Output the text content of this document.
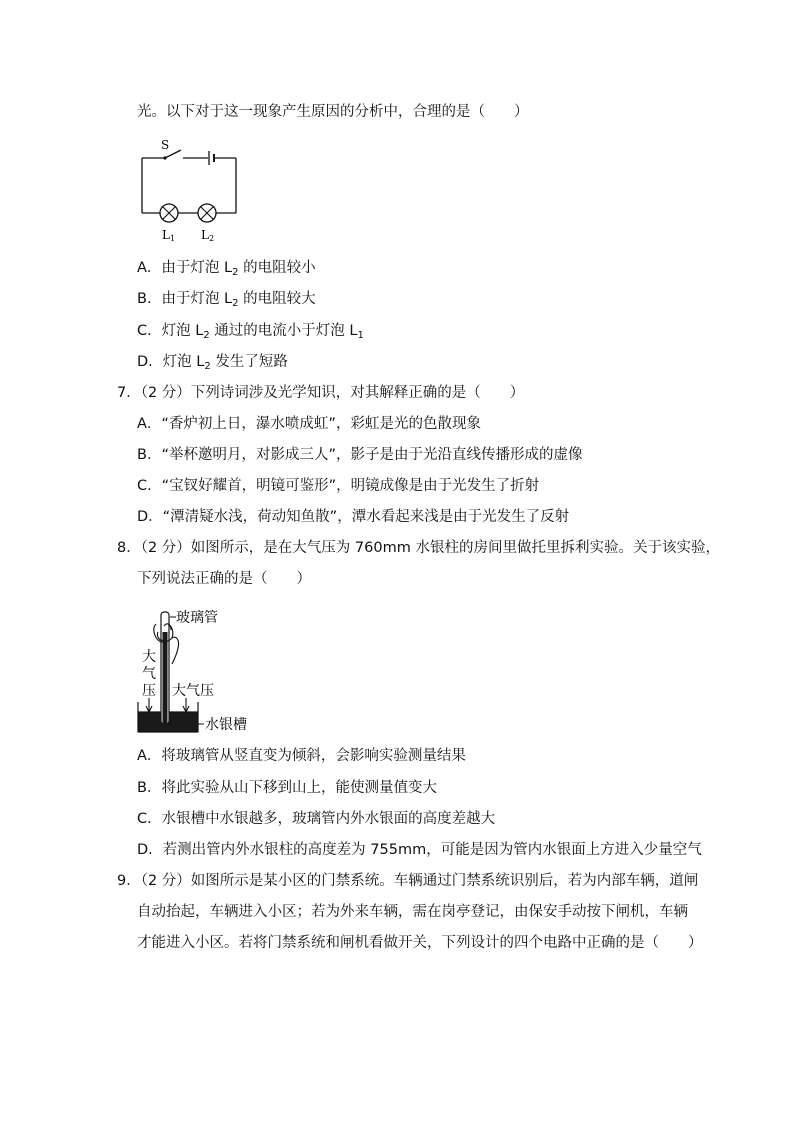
光。以下对于这一现象产生原因的分析中，合理的是（　　）
S
L1 L2
A．由于灯泡 $L_2$ 的电阻较小
B．由于灯泡 $L_2$ 的电阻较大
C．灯泡 $L_2$ 通过的电流小于灯泡 $L_1$
D．灯泡 $L_2$ 发生了短路
7．（2 分）下列诗词涉及光学知识，对其解释正确的是（　　）
A．“香炉初上日，瀑水喷成虹”，彩虹是光的色散现象
B．“举杯邀明月，对影成三人”，影子是由于光沿直线传播形成的虚像
C．“宝钗好耀首，明镜可鉴形”，明镜成像是由于光发生了折射
D．“潭清疑水浅，荷动知鱼散”，潭水看起来浅是由于光发生了反射
8．（2 分）如图所示，是在大气压为 760mm 水银柱的房间里做托里拆利实验。关于该实验，
下列说法正确的是（　　）
玻璃管
大
气
压 大气压
水银槽
A．将玻璃管从竖直变为倾斜，会影响实验测量结果
B．将此实验从山下移到山上，能使测量值变大
C．水银槽中水银越多，玻璃管内外水银面的高度差越大
D．若测出管内外水银柱的高度差为 755mm，可能是因为管内水银面上方进入少量空气
9．（2 分）如图所示是某小区的门禁系统。车辆通过门禁系统识别后，若为内部车辆，道闸
自动抬起，车辆进入小区；若为外来车辆，需在岗亭登记，由保安手动按下闸机，车辆
才能进入小区。若将门禁系统和闸机看做开关，下列设计的四个电路中正确的是（　　）
